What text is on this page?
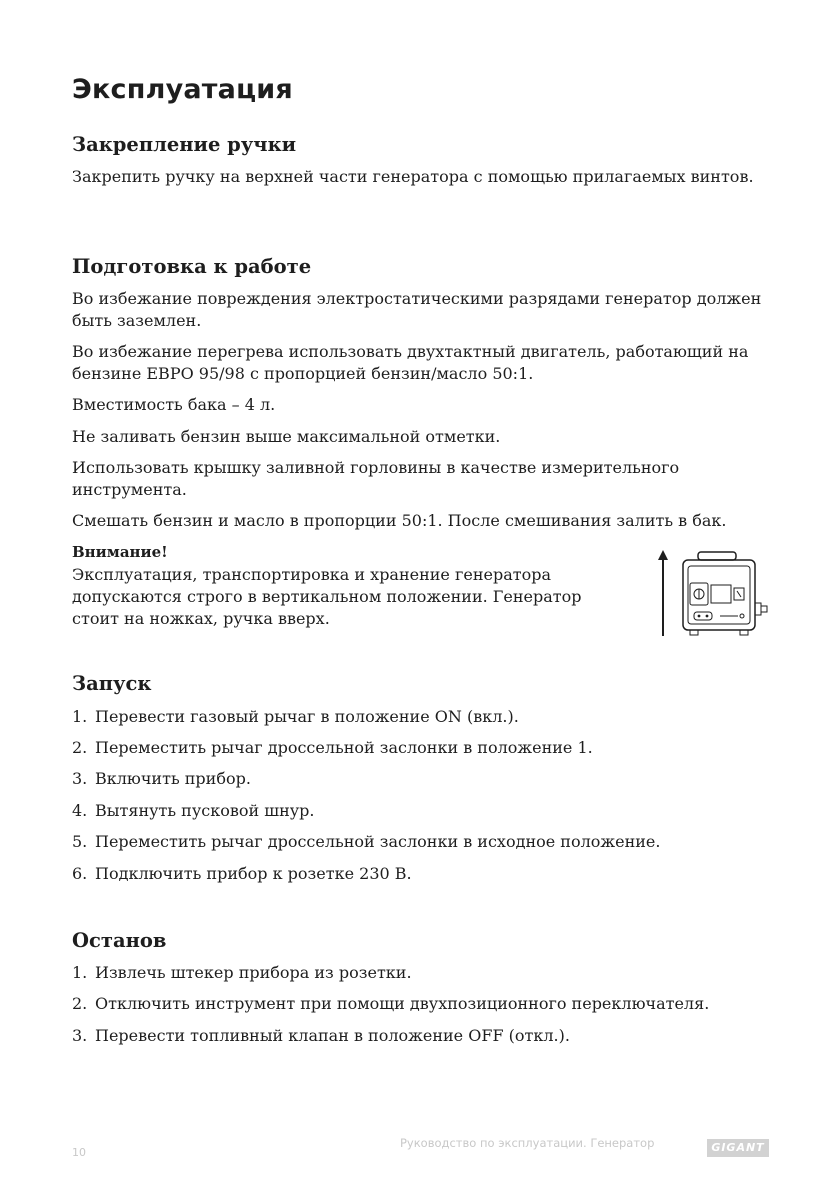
Эксплуатация
Закрепление ручки

Закрепить ручку на верхней части генератора с помощью прилагаемых винтов.

Подготовка к работе

Во избежание повреждения электростатическими разрядами генератор должен быть заземлен.

Во избежание перегрева использовать двухтактный двигатель, работающий на бензине ЕВРО 95/98 с пропорцией бензин/масло 50:1.

Вместимость бака – 4 л.

Не заливать бензин выше максимальной отметки.

Использовать крышку заливной горловины в качестве измерительного инструмента.

Смешать бензин и масло в пропорции 50:1. После смешивания залить в бак.

Внимание!

Эксплуатация, транспортировка и хранение генератора допускаются строго в вертикальном положении. Генератор стоит на ножках, ручка вверх.

Запуск

1. Перевести газовый рычаг в положение ON (вкл.).

2. Переместить рычаг дроссельной заслонки в положение 1.

3. Включить прибор.

4. Вытянуть пусковой шнур.

5. Переместить рычаг дроссельной заслонки в исходное положение.

6. Подключить прибор к розетке 230 В.

Останов

1. Извлечь штекер прибора из розетки.

2. Отключить инструмент при помощи двухпозиционного переключателя.

3. Перевести топливный клапан в положение OFF (откл.).

10
Руководство по эксплуатации. Генератор	GIGANT
